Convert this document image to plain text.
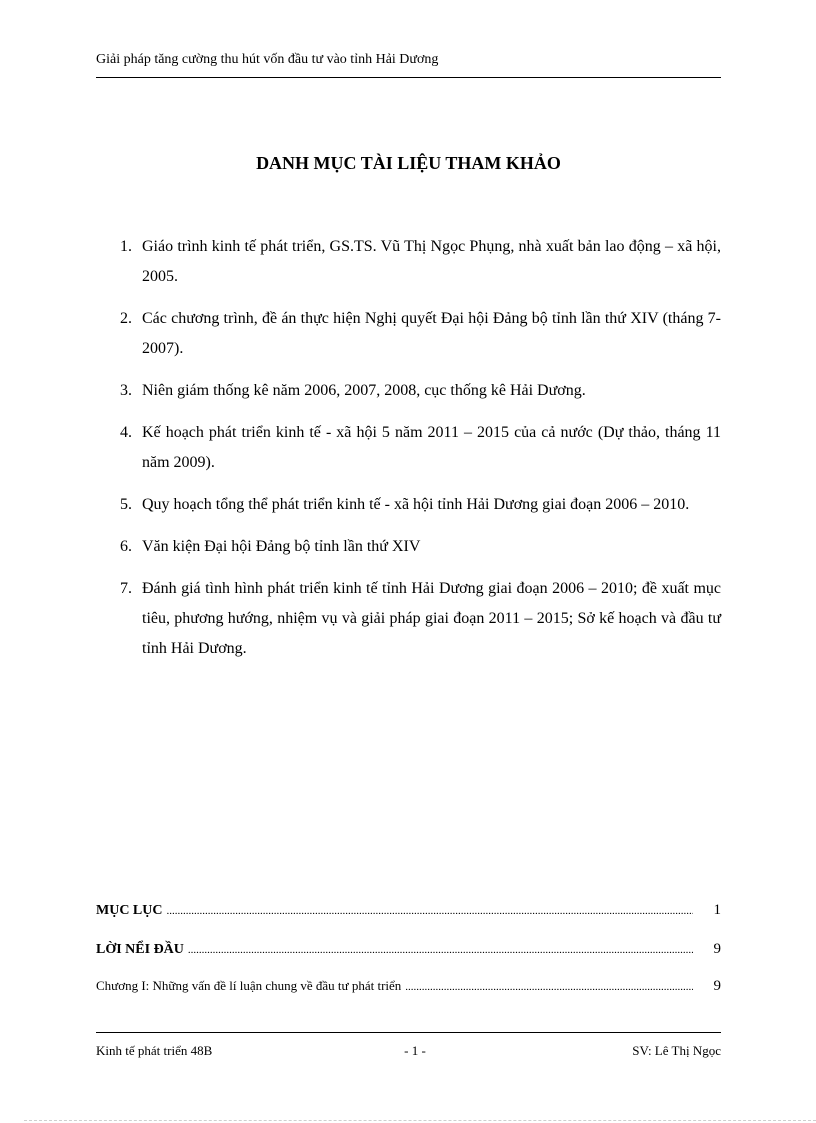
Giải pháp tăng cường thu hút vốn đầu tư vào tỉnh Hải Dương
DANH MỤC TÀI LIỆU THAM KHẢO
1. Giáo trình kinh tế phát triển, GS.TS. Vũ Thị Ngọc Phụng, nhà xuất bản lao động – xã hội, 2005.
2. Các chương trình, đề án thực hiện Nghị quyết Đại hội Đảng bộ tỉnh lần thứ XIV (tháng 7-2007).
3. Niên giám thống kê năm 2006, 2007, 2008, cục thống kê Hải Dương.
4. Kế hoạch phát triển kinh tế - xã hội 5 năm 2011 – 2015 của cả nước (Dự thảo, tháng 11 năm 2009).
5. Quy hoạch tổng thể phát triển kinh tế - xã hội tỉnh Hải Dương giai đoạn 2006 – 2010.
6. Văn kiện Đại hội Đảng bộ tỉnh lần thứ XIV
7. Đánh giá tình hình phát triển kinh tế tỉnh Hải Dương giai đoạn 2006 – 2010; đề xuất mục tiêu, phương hướng, nhiệm vụ và giải pháp giai đoạn 2011 – 2015; Sở kế hoạch và đầu tư tỉnh Hải Dương.
MỤC LỤC .....	1
LỜI NỂI ĐẦU .....	9
Chương I: Những vấn đề lí luận chung về đầu tư phát triển .....	9
Kinh tế phát triển 48B	- 1 -	SV: Lê Thị Ngọc
